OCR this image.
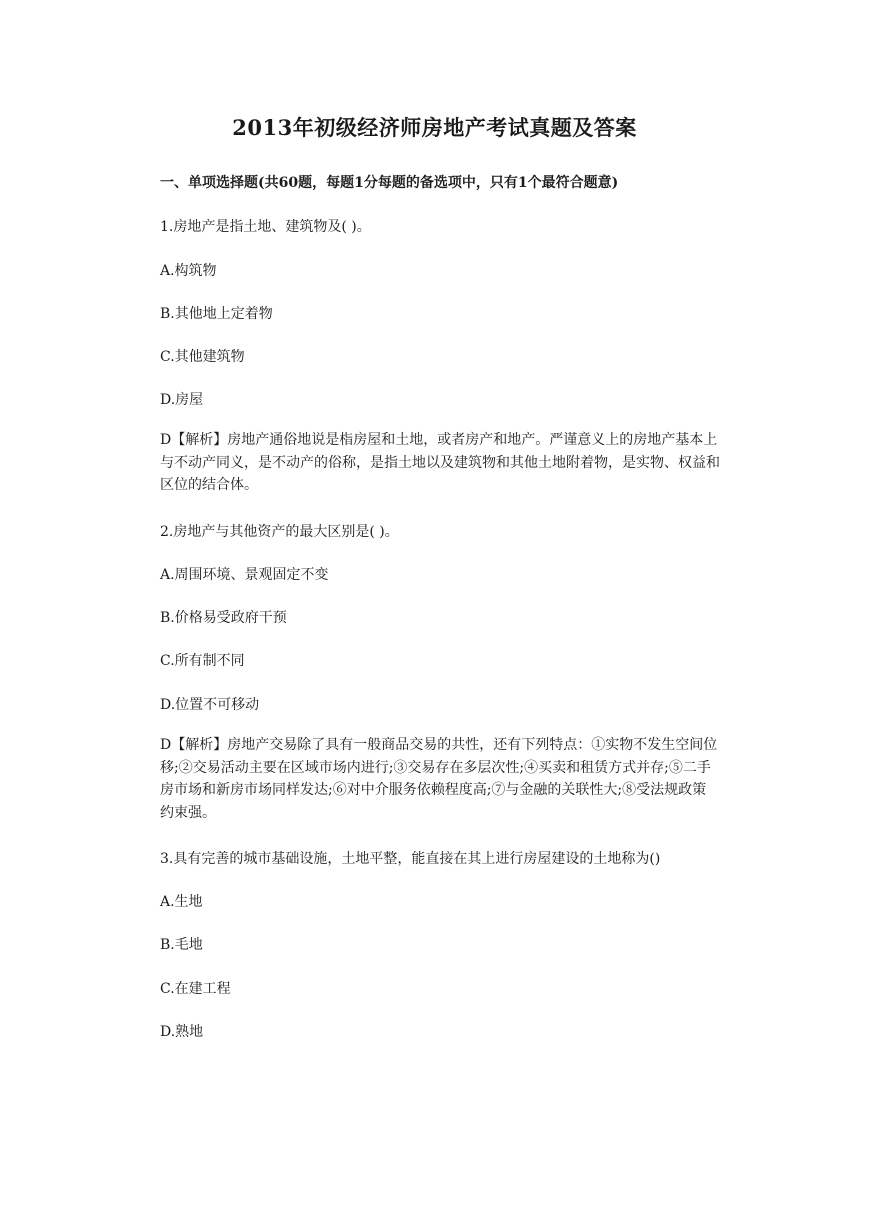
2013年初级经济师房地产考试真题及答案
一、单项选择题(共60题，每题1分每题的备选项中，只有1个最符合题意)
1.房地产是指土地、建筑物及( )。
A.构筑物
B.其他地上定着物
C.其他建筑物
D.房屋
D【解析】房地产通俗地说是栺房屋和土地，或者房产和地产。严谨意义上的房地产基本上与不动产同义，是不动产的俗称，是指土地以及建筑物和其他土地附着物，是实物、权益和区位的结合体。
2.房地产与其他资产的最大区别是( )。
A.周围环境、景观固定不变
B.价格易受政府干预
C.所有制不同
D.位置不可移动
D【解析】房地产交易除了具有一般商品交易的共性，还有下列特点：①实物不发生空间位移;②交易活动主要在区域市场内进行;③交易存在多层次性;④买卖和租赁方式并存;⑤二手房市场和新房市场同样发达;⑥对中介服务依赖程度高;⑦与金融的关联性大;⑧受法规政策约束强。
3.具有完善的城市基础设施，土地平整，能直接在其上进行房屋建设的土地称为()
A.生地
B.毛地
C.在建工程
D.熟地
